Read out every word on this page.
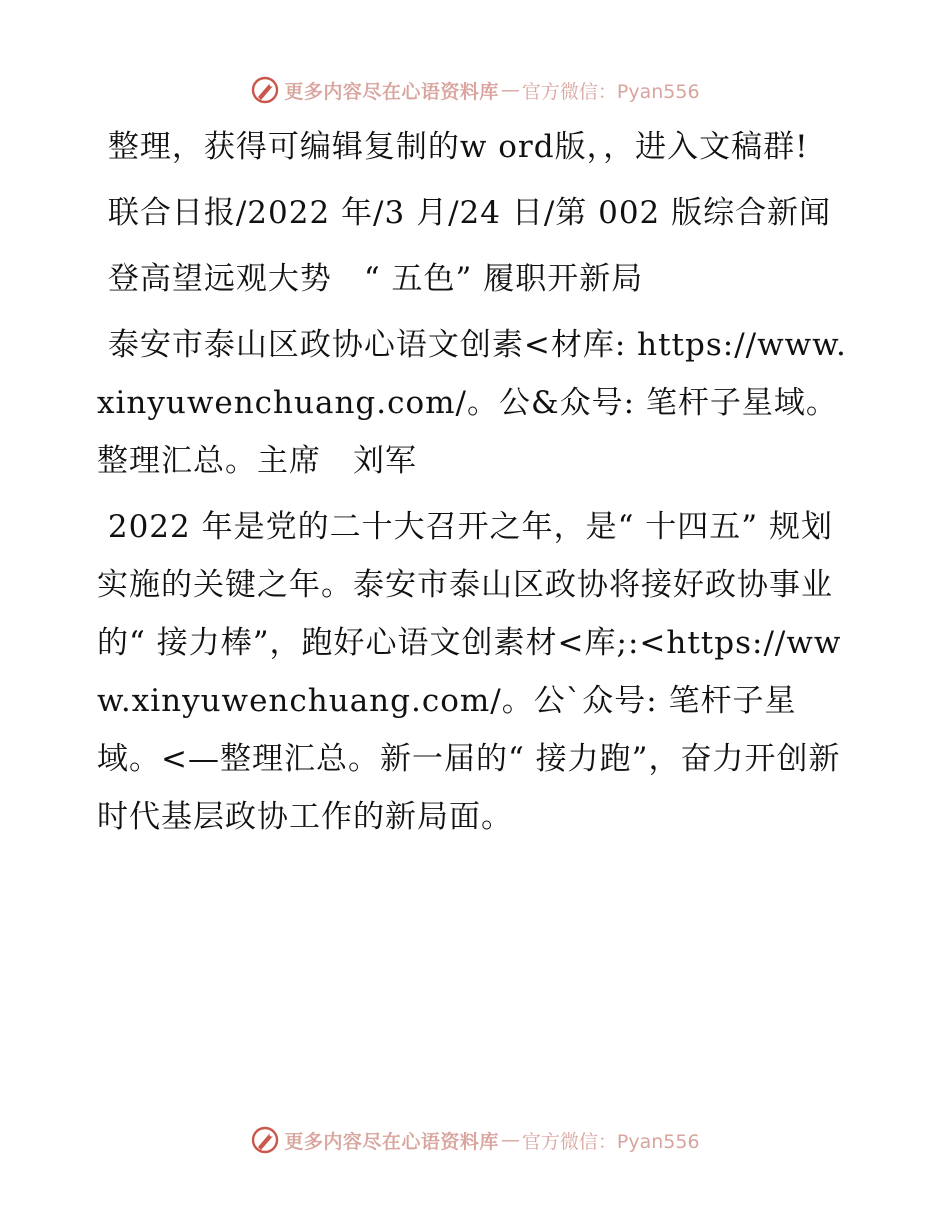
更多内容尽在心语资料库 — 官方微信：Pyan556

整理，获得可编辑复制的w ord版，，进入文稿群!

联合日报/2022 年/3 月/24 日/第 002 版综合新闻

登高望远观大势　“ 五色” 履职开新局

泰安市泰山区政协心语文创素<材库: https://www.xinyuwenchuang.com/。公&众号: 笔杆子星域。整理汇总。主席　刘军

2022 年是党的二十大召开之年，是“ 十四五” 规划实施的关键之年。泰安市泰山区政协将接好政协事业的“ 接力棒”，跑好心语文创素材<库;:<https://www.xinyuwenchuang.com/。公`众号: 笔杆子星域。<—整理汇总。新一届的“ 接力跑”，奋力开创新时代基层政协工作的新局面。

更多内容尽在心语资料库 — 官方微信：Pyan556
